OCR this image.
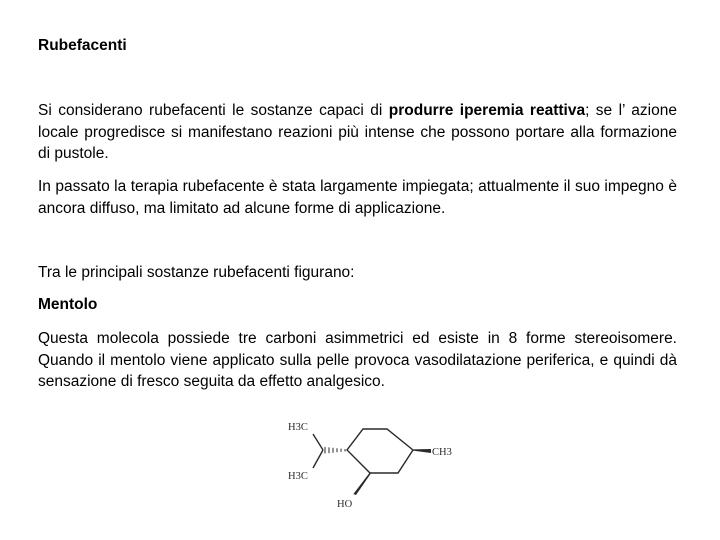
Rubefacenti

Si considerano rubefacenti le sostanze capaci di produrre iperemia reattiva; se l’ azione locale progredisce si manifestano reazioni più intense che possono portare alla formazione di pustole.

In passato la terapia rubefacente è stata largamente impiegata; attualmente il suo impegno è ancora diffuso, ma limitato ad alcune forme di applicazione.

Tra le principali sostanze rubefacenti figurano:

Mentolo

Questa molecola possiede tre carboni asimmetrici ed esiste in 8 forme stereoisomere. Quando il mentolo viene applicato sulla pelle provoca vasodilatazione periferica, e quindi dà sensazione di fresco seguita da effetto analgesico.

H3C
H3C
CH3
HO
